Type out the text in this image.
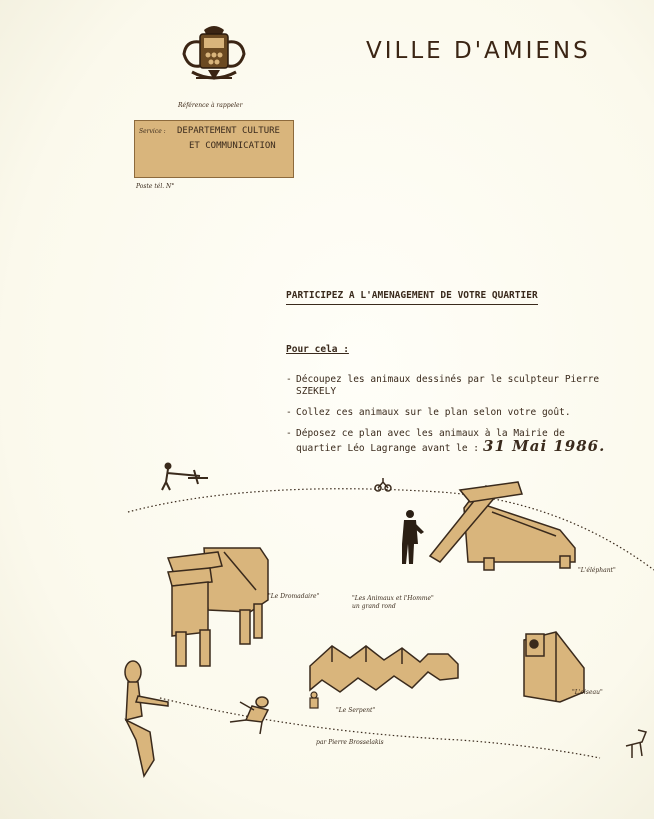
VILLE D'AMIENS
Référence à rappeler
Service : DEPARTEMENT CULTURE
ET COMMUNICATION
Poste tél. N°
PARTICIPEZ A L'AMENAGEMENT DE VOTRE QUARTIER
Pour cela :
- Découpez les animaux dessinés par le sculpteur Pierre SZEKELY
- Collez ces animaux sur le plan selon votre goût.
- Déposez ce plan avec les animaux à la Mairie de quartier Léo Lagrange avant le : 31 Mai 1986.
"L'éléphant"
"Le Dromadaire"	"Les Animaux et l'Homme"
un grand rond
"Le Serpent"
"L'oiseau"
par Pierre Brosselakis
